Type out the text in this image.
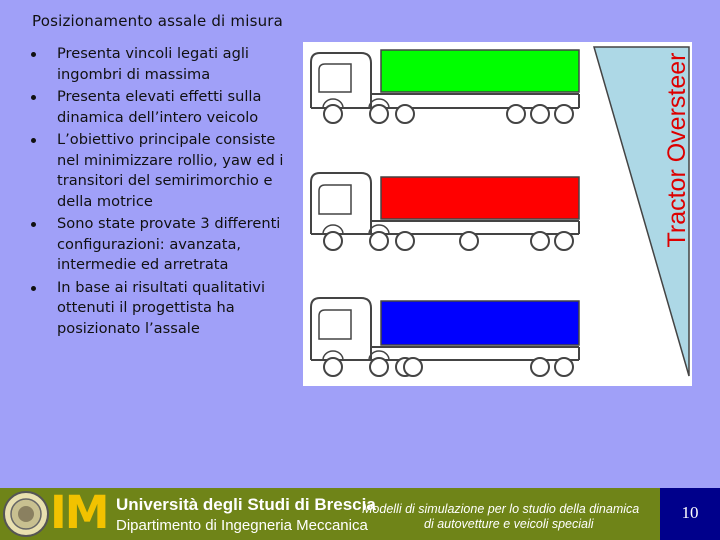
Posizionamento assale di misura
Presenta vincoli legati agli ingombri di massima
Presenta elevati effetti sulla dinamica dell’intero veicolo
L’obiettivo principale consiste nel minimizzare rollio, yaw ed i transitori del semirimorchio e della motrice
Sono state provate 3 differenti configurazioni: avanzata, intermedie ed arretrata
In base ai risultati qualitativi ottenuti il progettista ha posizionato l’assale
Tractor Oversteer
IM Università degli Studi di Brescia
Dipartimento di Ingegneria Meccanica
Modelli di simulazione per lo studio della dinamica
di autovetture e veicoli speciali
10
